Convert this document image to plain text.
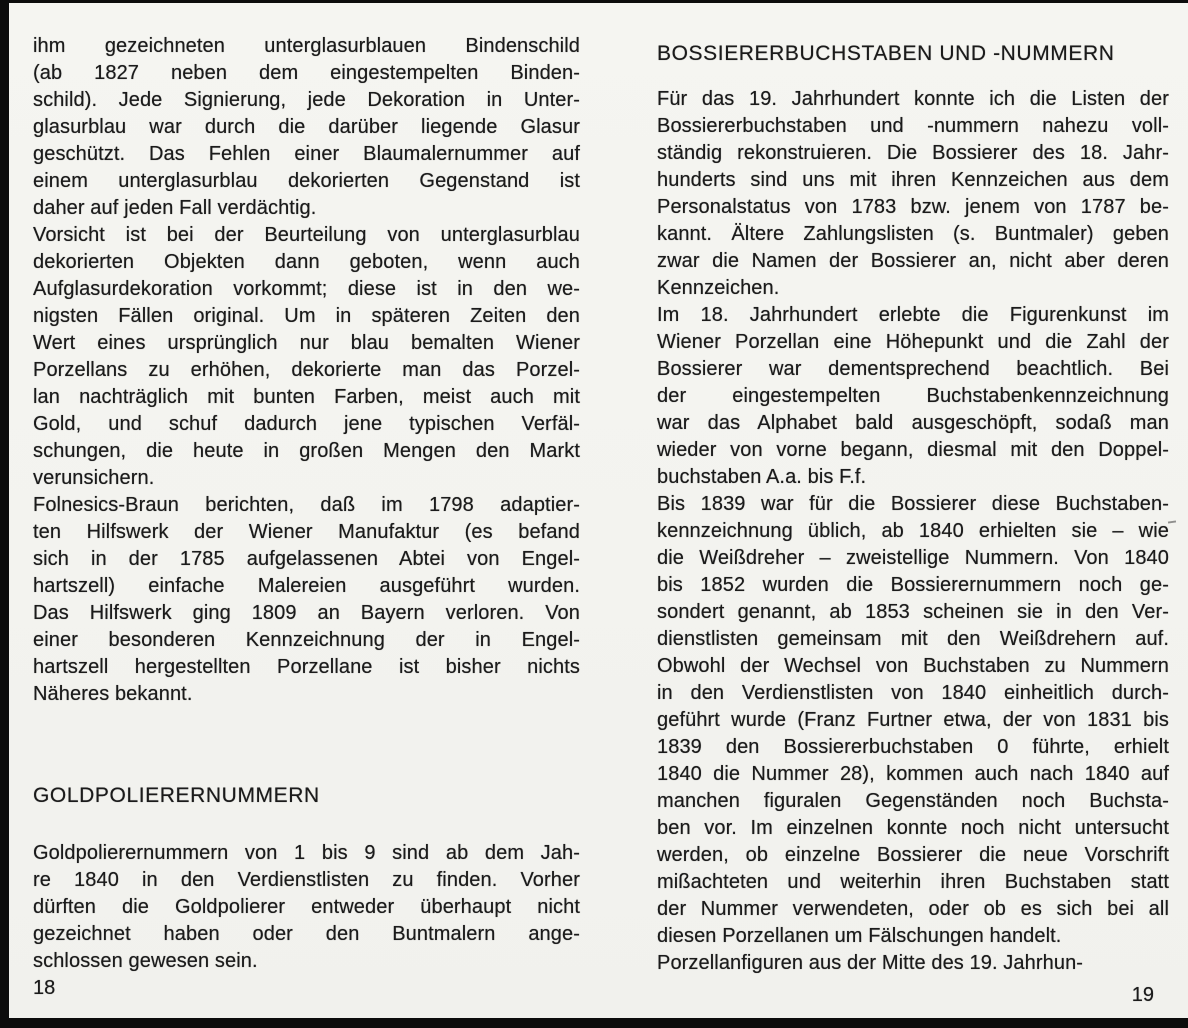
ihm gezeichneten unterglasurblauen Bindenschild
(ab 1827 neben dem eingestempelten Binden-
schild). Jede Signierung, jede Dekoration in Unter-
glasurblau war durch die darüber liegende Glasur
geschützt. Das Fehlen einer Blaumalernummer auf
einem unterglasurblau dekorierten Gegenstand ist
daher auf jeden Fall verdächtig.
Vorsicht ist bei der Beurteilung von unterglasurblau
dekorierten Objekten dann geboten, wenn auch
Aufglasurdekoration vorkommt; diese ist in den we-
nigsten Fällen original. Um in späteren Zeiten den
Wert eines ursprünglich nur blau bemalten Wiener
Porzellans zu erhöhen, dekorierte man das Porzel-
lan nachträglich mit bunten Farben, meist auch mit
Gold, und schuf dadurch jene typischen Verfäl-
schungen, die heute in großen Mengen den Markt
verunsichern.
Folnesics-Braun berichten, daß im 1798 adaptier-
ten Hilfswerk der Wiener Manufaktur (es befand
sich in der 1785 aufgelassenen Abtei von Engel-
hartszell) einfache Malereien ausgeführt wurden.
Das Hilfswerk ging 1809 an Bayern verloren. Von
einer besonderen Kennzeichnung der in Engel-
hartszell hergestellten Porzellane ist bisher nichts
Näheres bekannt.
GOLDPOLIERERNUMMERN
Goldpolierernummern von 1 bis 9 sind ab dem Jah-
re 1840 in den Verdienstlisten zu finden. Vorher
dürften die Goldpolierer entweder überhaupt nicht
gezeichnet haben oder den Buntmalern ange-
schlossen gewesen sein.
18
BOSSIERERBUCHSTABEN UND -NUMMERN
Für das 19. Jahrhundert konnte ich die Listen der
Bossiererbuchstaben und -nummern nahezu voll-
ständig rekonstruieren. Die Bossierer des 18. Jahr-
hunderts sind uns mit ihren Kennzeichen aus dem
Personalstatus von 1783 bzw. jenem von 1787 be-
kannt. Ältere Zahlungslisten (s. Buntmaler) geben
zwar die Namen der Bossierer an, nicht aber deren
Kennzeichen.
Im 18. Jahrhundert erlebte die Figurenkunst im
Wiener Porzellan eine Höhepunkt und die Zahl der
Bossierer war dementsprechend beachtlich. Bei
der eingestempelten Buchstabenkennzeichnung
war das Alphabet bald ausgeschöpft, sodaß man
wieder von vorne begann, diesmal mit den Doppel-
buchstaben A.a. bis F.f.
Bis 1839 war für die Bossierer diese Buchstaben-
kennzeichnung üblich, ab 1840 erhielten sie – wie
die Weißdreher – zweistellige Nummern. Von 1840
bis 1852 wurden die Bossierernummern noch ge-
sondert genannt, ab 1853 scheinen sie in den Ver-
dienstlisten gemeinsam mit den Weißdrehern auf.
Obwohl der Wechsel von Buchstaben zu Nummern
in den Verdienstlisten von 1840 einheitlich durch-
geführt wurde (Franz Furtner etwa, der von 1831 bis
1839 den Bossiererbuchstaben 0 führte, erhielt
1840 die Nummer 28), kommen auch nach 1840 auf
manchen figuralen Gegenständen noch Buchsta-
ben vor. Im einzelnen konnte noch nicht untersucht
werden, ob einzelne Bossierer die neue Vorschrift
mißachteten und weiterhin ihren Buchstaben statt
der Nummer verwendeten, oder ob es sich bei all
diesen Porzellanen um Fälschungen handelt.
Porzellanfiguren aus der Mitte des 19. Jahrhun-
19
